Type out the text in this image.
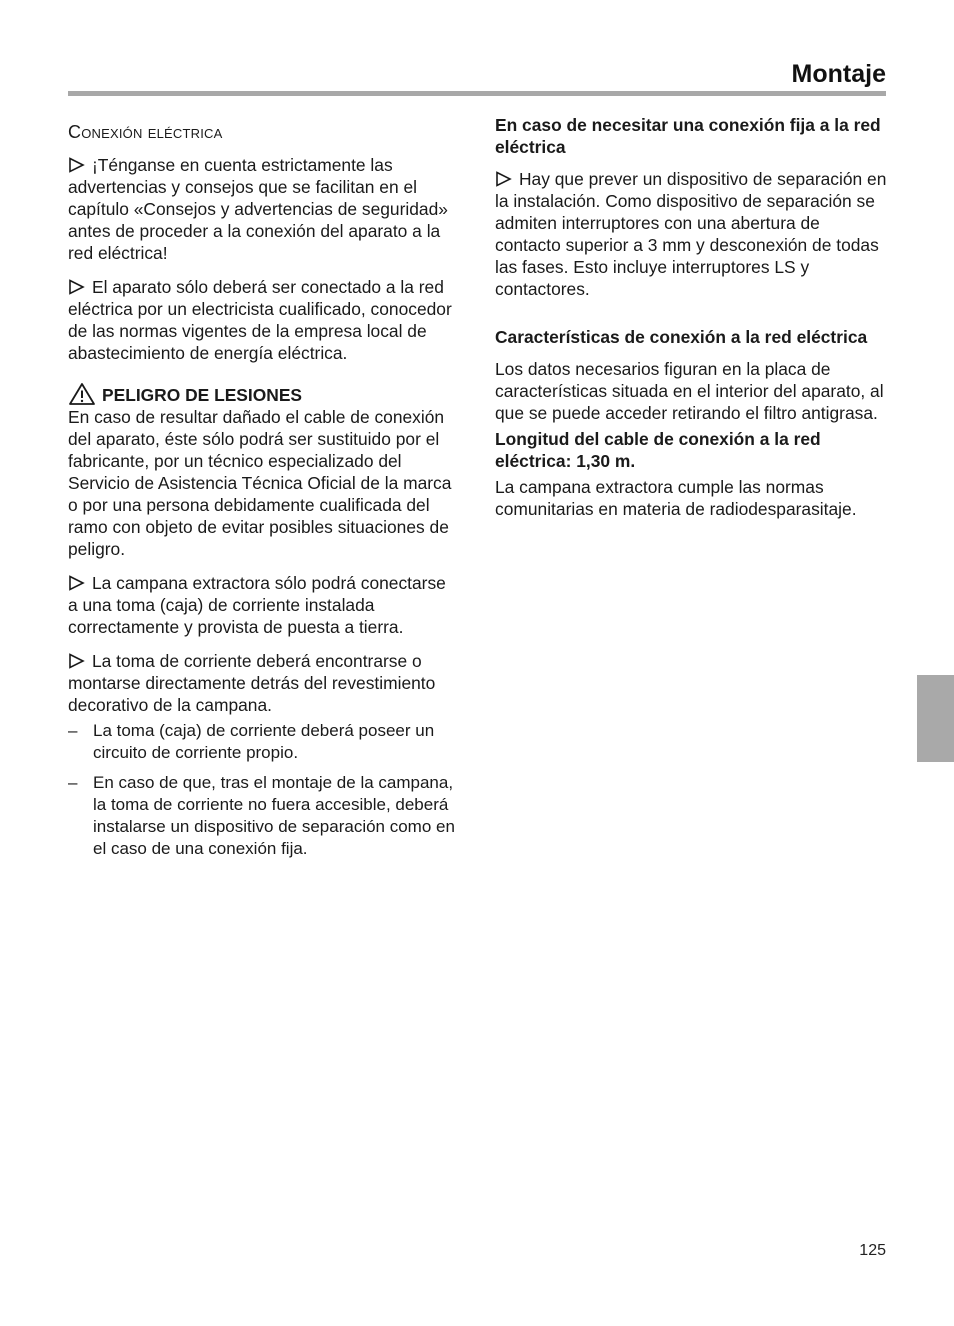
Montaje
Conexión eléctrica

¡Ténganse en cuenta estrictamente las advertencias y consejos que se facilitan en el capítulo «Consejos y advertencias de seguridad» antes de proceder a la conexión del aparato a la red eléctrica!

El aparato sólo deberá ser conectado a la red eléctrica por un electricista cualificado, conocedor de las normas vigentes de la empresa local de abastecimiento de energía eléctrica.

PELIGRO DE LESIONES

En caso de resultar dañado el cable de conexión del aparato, éste sólo podrá ser sustituido por el fabricante, por un técnico especializado del Servicio de Asistencia Técnica Oficial de la marca o por una persona debidamente cualificada del ramo con objeto de evitar posibles situaciones de peligro.

La campana extractora sólo podrá conectarse a una toma (caja) de corriente instalada correctamente y provista de puesta a tierra.

La toma de corriente deberá encontrarse o montarse directamente detrás del revestimiento decorativo de la campana.

– La toma (caja) de corriente deberá poseer un circuito de corriente propio.
– En caso de que, tras el montaje de la campana, la toma de corriente no fuera accesible, deberá instalarse un dispositivo de separación como en el caso de una conexión fija.
En caso de necesitar una conexión fija a la red eléctrica

Hay que prever un dispositivo de separación en la instalación. Como dispositivo de separación se admiten interruptores con una abertura de contacto superior a 3 mm y desconexión de todas las fases. Esto incluye interruptores LS y contactores.

Características de conexión a la red eléctrica

Los datos necesarios figuran en la placa de características situada en el interior del aparato, al que se puede acceder retirando el filtro antigrasa.

Longitud del cable de conexión a la red eléctrica: 1,30 m.

La campana extractora cumple las normas comunitarias en materia de radiodesparasitaje.

125
